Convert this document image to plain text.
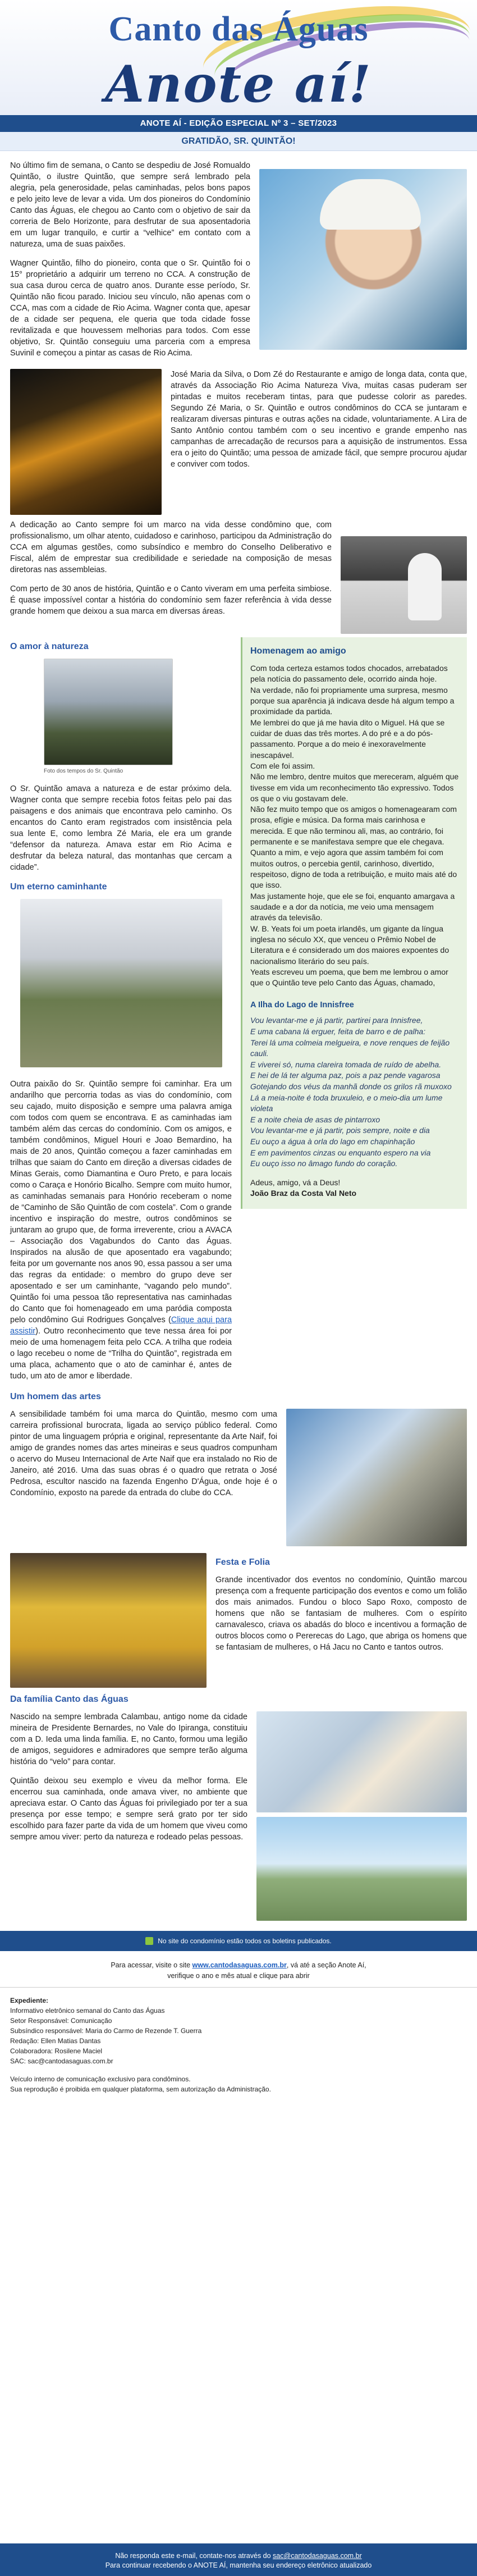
Canto das Águas
Anote aí!
ANOTE AÍ - EDIÇÃO ESPECIAL Nº 3 – SET/2023
GRATIDÃO, SR. QUINTÃO!

No último fim de semana, o Canto se despediu de José Romualdo Quintão, o ilustre Quintão, que sempre será lembrado pela alegria, pela generosidade, pelas caminhadas, pelos bons papos e pelo jeito leve de levar a vida. Um dos pioneiros do Condomínio Canto das Águas, ele chegou ao Canto com o objetivo de sair da correria de Belo Horizonte, para desfrutar de sua aposentadoria em um lugar tranquilo, e curtir a “velhice” em contato com a natureza, uma de suas paixões.

Wagner Quintão, filho do pioneiro, conta que o Sr. Quintão foi o 15° proprietário a adquirir um terreno no CCA. A construção de sua casa durou cerca de quatro anos. Durante esse período, Sr. Quintão não ficou parado. Iniciou seu vínculo, não apenas com o CCA, mas com a cidade de Rio Acima. Wagner conta que, apesar de a cidade ser pequena, ele queria que toda cidade fosse revitalizada e que houvessem melhorias para todos. Com esse objetivo, Sr. Quintão conseguiu uma parceria com a empresa Suvinil e começou a pintar as casas de Rio Acima.

José Maria da Silva, o Dom Zé do Restaurante e amigo de longa data, conta que, através da Associação Rio Acima Natureza Viva, muitas casas puderam ser pintadas e muitos receberam tintas, para que pudesse colorir as paredes. Segundo Zé Maria, o Sr. Quintão e outros condôminos do CCA se juntaram e realizaram diversas pinturas e outras ações na cidade, voluntariamente. A Lira de Santo Antônio contou também com o seu incentivo e grande empenho nas campanhas de arrecadação de recursos para a aquisição de instrumentos. Essa era o jeito do Quintão; uma pessoa de amizade fácil, que sempre procurou ajudar e conviver com todos.

A dedicação ao Canto sempre foi um marco na vida desse condômino que, com profissionalismo, um olhar atento, cuidadoso e carinhoso, participou da Administração do CCA em algumas gestões, como subsíndico e membro do Conselho Deliberativo e Fiscal, além de emprestar sua credibilidade e seriedade na composição de mesas diretoras nas assembleias.

Com perto de 30 anos de história, Quintão e o Canto viveram em uma perfeita simbiose. É quase impossível contar a história do condomínio sem fazer referência à vida desse grande homem que deixou a sua marca em diversas áreas.

O amor à natureza
Foto dos tempos do Sr. Quintão

O Sr. Quintão amava a natureza e de estar próximo dela. Wagner conta que sempre recebia fotos feitas pelo pai das paisagens e dos animais que encontrava pelo caminho. Os encantos do Canto eram registrados com insistência pela sua lente E, como lembra Zé Maria, ele era um grande “defensor da natureza. Amava estar em Rio Acima e desfrutar da beleza natural, das montanhas que cercam a cidade”.

Um eterno caminhante

Outra paixão do Sr. Quintão sempre foi caminhar. Era um andarilho que percorria todas as vias do condomínio, com seu cajado, muito disposição e sempre uma palavra amiga com todos com quem se encontrava. E as caminhadas iam também além das cercas do condomínio. Com os amigos, e também condôminos, Miguel Houri e Joao Bemardino, ha mais de 20 anos, Quintão começou a fazer caminhadas em trilhas que saiam do Canto em direção a diversas cidades de Minas Gerais, como Diamantina e Ouro Preto, e para locais como o Caraça e Honório Bicalho. Sempre com muito humor, as caminhadas semanais para Honório receberam o nome de “Caminho de São Quintão de com costela”. Com o grande incentivo e inspiração do mestre, outros condôminos se juntaram ao grupo que, de forma irreverente, criou a AVACA – Associação dos Vagabundos do Canto das Águas. Inspirados na alusão de que aposentado era vagabundo; feita por um governante nos anos 90, essa passou a ser uma das regras da entidade: o membro do grupo deve ser aposentado e ser um caminhante, “vagando pelo mundo”. Quintão foi uma pessoa tão representativa nas caminhadas do Canto que foi homenageado em uma paródia composta pelo condômino Gui Rodrigues Gonçalves (Clique aqui para assistir). Outro reconhecimento que teve nessa área foi por meio de uma homenagem feita pelo CCA. A trilha que rodeia o lago recebeu o nome de “Trilha do Quintão”, registrada em uma placa, achamento que o ato de caminhar é, antes de tudo, um ato de amor e liberdade.

Homenagem ao amigo

Com toda certeza estamos todos chocados, arrebatados pela notícia do passamento dele, ocorrido ainda hoje.

Na verdade, não foi propriamente uma surpresa, mesmo porque sua aparência já indicava desde há algum tempo a proximidade da partida.

Me lembrei do que já me havia dito o Miguel. Há que se cuidar de duas das três mortes. A do pré e a do pós-passamento. Porque a do meio é inexoravelmente inescapável.

Com ele foi assim.

Não me lembro, dentre muitos que mereceram, alguém que tivesse em vida um reconhecimento tão expressivo. Todos os que o viu gostavam dele.

Não fez muito tempo que os amigos o homenagearam com prosa, efígie e música. Da forma mais carinhosa e merecida. E que não terminou ali, mas, ao contrário, foi permanente e se manifestava sempre que ele chegava.

Quanto a mim, e vejo agora que assim também foi com muitos outros, o percebia gentil, carinhoso, divertido, respeitoso, digno de toda a retribuição, e muito mais até do que isso.

Mas justamente hoje, que ele se foi, enquanto amargava a saudade e a dor da notícia, me veio uma mensagem através da televisão.

W. B. Yeats foi um poeta irlandês, um gigante da língua inglesa no século XX, que venceu o Prêmio Nobel de Literatura e é considerado um dos maiores expoentes do nacionalismo literário do seu país.

Yeats escreveu um poema, que bem me lembrou o amor que o Quintão teve pelo Canto das Águas, chamado,

A Ilha do Lago de Innisfree

Vou levantar-me e já partir, partirei para Innisfree,

E uma cabana lá erguer, feita de barro e de palha:

Terei lá uma colmeia melgueira, e nove renques de feijão cauli.

E viverei só, numa clareira tomada de ruído de abelha.

E hei de lá ter alguma paz, pois a paz pende vagarosa

Gotejando dos véus da manhã donde os grilos rã muxoxo

Lá a meia-noite é toda bruxuleio, e o meio-dia um lume violeta

E a noite cheia de asas de pintarroxo

Vou levantar-me e já partir, pois sempre, noite e dia

Eu ouço a água à orla do lago em chapinhação

E em pavimentos cinzas ou enquanto espero na via

Eu ouço isso no âmago fundo do coração.

Adeus, amigo, vá a Deus!

João Braz da Costa Val Neto

Um homem das artes

A sensibilidade também foi uma marca do Quintão, mesmo com uma carreira profissional burocrata, ligada ao serviço público federal. Como pintor de uma linguagem própria e original, representante da Arte Naif, foi amigo de grandes nomes das artes mineiras e seus quadros compunham o acervo do Museu Internacional de Arte Naif que era instalado no Rio de Janeiro, até 2016. Uma das suas obras é o quadro que retrata o José Pedrosa, escultor nascido na fazenda Engenho D'Água, onde hoje é o Condomínio, exposto na parede da entrada do clube do CCA.

Festa e Folia

Grande incentivador dos eventos no condomínio, Quintão marcou presença com a frequente participação dos eventos e como um folião dos mais animados. Fundou o bloco Sapo Roxo, composto de homens que não se fantasiam de mulheres. Com o espírito carnavalesco, criava os abadás do bloco e incentivou a formação de outros blocos como o Pererecas do Lago, que abriga os homens que se fantasiam de mulheres, o Há Jacu no Canto e tantos outros.

Da família Canto das Águas

Nascido na sempre lembrada Calambau, antigo nome da cidade mineira de Presidente Bernardes, no Vale do Ipiranga, constituiu com a D. Ieda uma linda família. E, no Canto, formou uma legião de amigos, seguidores e admiradores que sempre terão alguma história do “velo” para contar.

Quintão deixou seu exemplo e viveu da melhor forma. Ele encerrou sua caminhada, onde amava viver, no ambiente que apreciava estar. O Canto das Águas foi privilegiado por ter a sua presença por esse tempo; e sempre será grato por ter sido escolhido para fazer parte da vida de um homem que viveu como sempre amou viver: perto da natureza e rodeado pelas pessoas.

No site do condomínio estão todos os boletins publicados.
Para acessar, visite o site www.cantodasaguas.com.br, vá até a seção Anote Aí,
verifique o ano e mês atual e clique para abrir
Expediente:
Informativo eletrônico semanal do Canto das Águas
Setor Responsável: Comunicação
Subsíndico responsável: Maria do Carmo de Rezende T. Guerra
Redação: Ellen Matias Dantas
Colaboradora: Rosilene Maciel
SAC: sac@cantodasaguas.com.br
Veículo interno de comunicação exclusivo para condôminos.
Sua reprodução é proibida em qualquer plataforma, sem autorização da Administração.
Não responda este e-mail, contate-nos através do sac@cantodasaguas.com.br
Para continuar recebendo o ANOTE AÍ, mantenha seu endereço eletrônico atualizado
